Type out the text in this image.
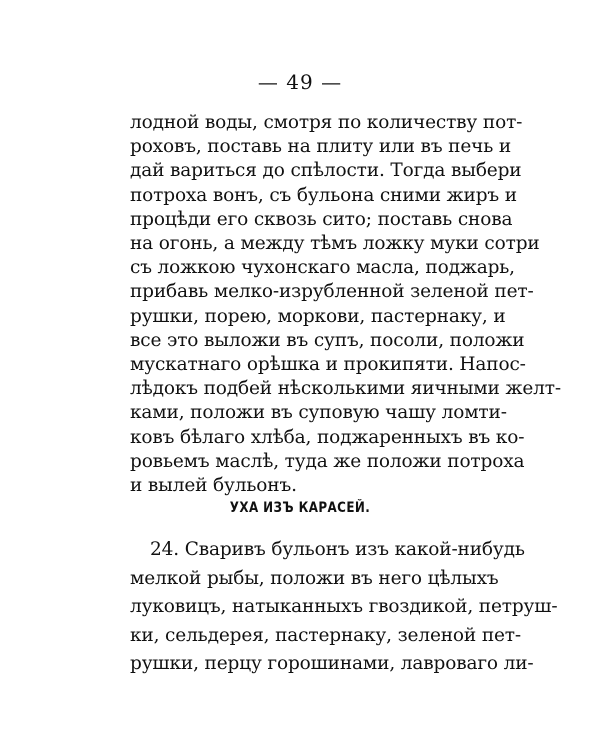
— 49 —
лодной воды, смотря по количеству пот-
роховъ, поставь на плиту или въ печь и
дай вариться до спѣлости. Тогда выбери
потроха вонъ, съ бульона сними жиръ и
процѣди его сквозь сито; поставь снова
на огонь, а между тѣмъ ложку муки сотри
съ ложкою чухонскаго масла, поджарь,
прибавь мелко-изрубленной зеленой пет-
рушки, порею, моркови, пастернаку, и
все это выложи въ супъ, посоли, положи
мускатнаго орѣшка и прокипяти. Напос-
лѣдокъ подбей нѣсколькими яичными желт-
ками, положи въ суповую чашу ломти-
ковъ бѣлаго хлѣба, поджаренныхъ въ ко-
ровьемъ маслѣ, туда же положи потроха
и вылей бульонъ.
УХА ИЗЪ КАРАСЕЙ.
24. Сваривъ бульонъ изъ какой-нибудь
мелкой рыбы, положи въ него цѣлыхъ
луковицъ, натыканныхъ гвоздикой, петруш-
ки, сельдерея, пастернаку, зеленой пет-
рушки, перцу горошинами, лавроваго ли-
